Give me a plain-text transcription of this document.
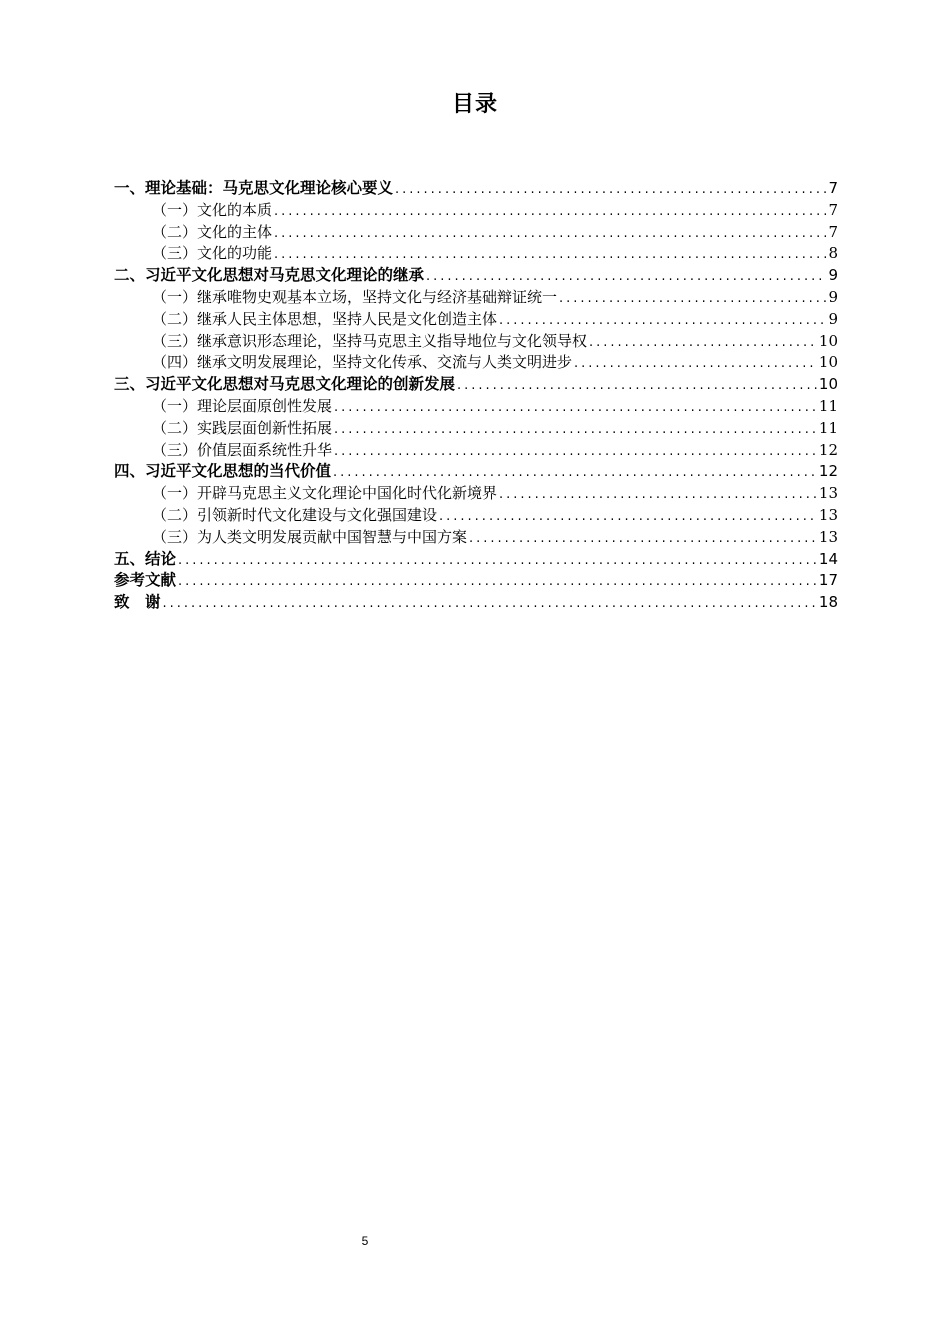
目录
一、理论基础：马克思文化理论核心要义 .....	7
（一）文化的本质 .....	7
（二）文化的主体 .....	7
（三）文化的功能 .....	8
二、习近平文化思想对马克思文化理论的继承 .....	9
（一）继承唯物史观基本立场，坚持文化与经济基础辩证统一 .....	9
（二）继承人民主体思想，坚持人民是文化创造主体 .....	9
（三）继承意识形态理论，坚持马克思主义指导地位与文化领导权 .....	10
（四）继承文明发展理论，坚持文化传承、交流与人类文明进步 .....	10
三、习近平文化思想对马克思文化理论的创新发展 .....	10
（一）理论层面原创性发展 .....	11
（二）实践层面创新性拓展 .....	11
（三）价值层面系统性升华 .....	12
四、习近平文化思想的当代价值 .....	12
（一）开辟马克思主义文化理论中国化时代化新境界 .....	13
（二）引领新时代文化建设与文化强国建设 .....	13
（三）为人类文明发展贡献中国智慧与中国方案 .....	13
五、结论 .....	14
参考文献 .....	17
致　谢 .....	18
5
